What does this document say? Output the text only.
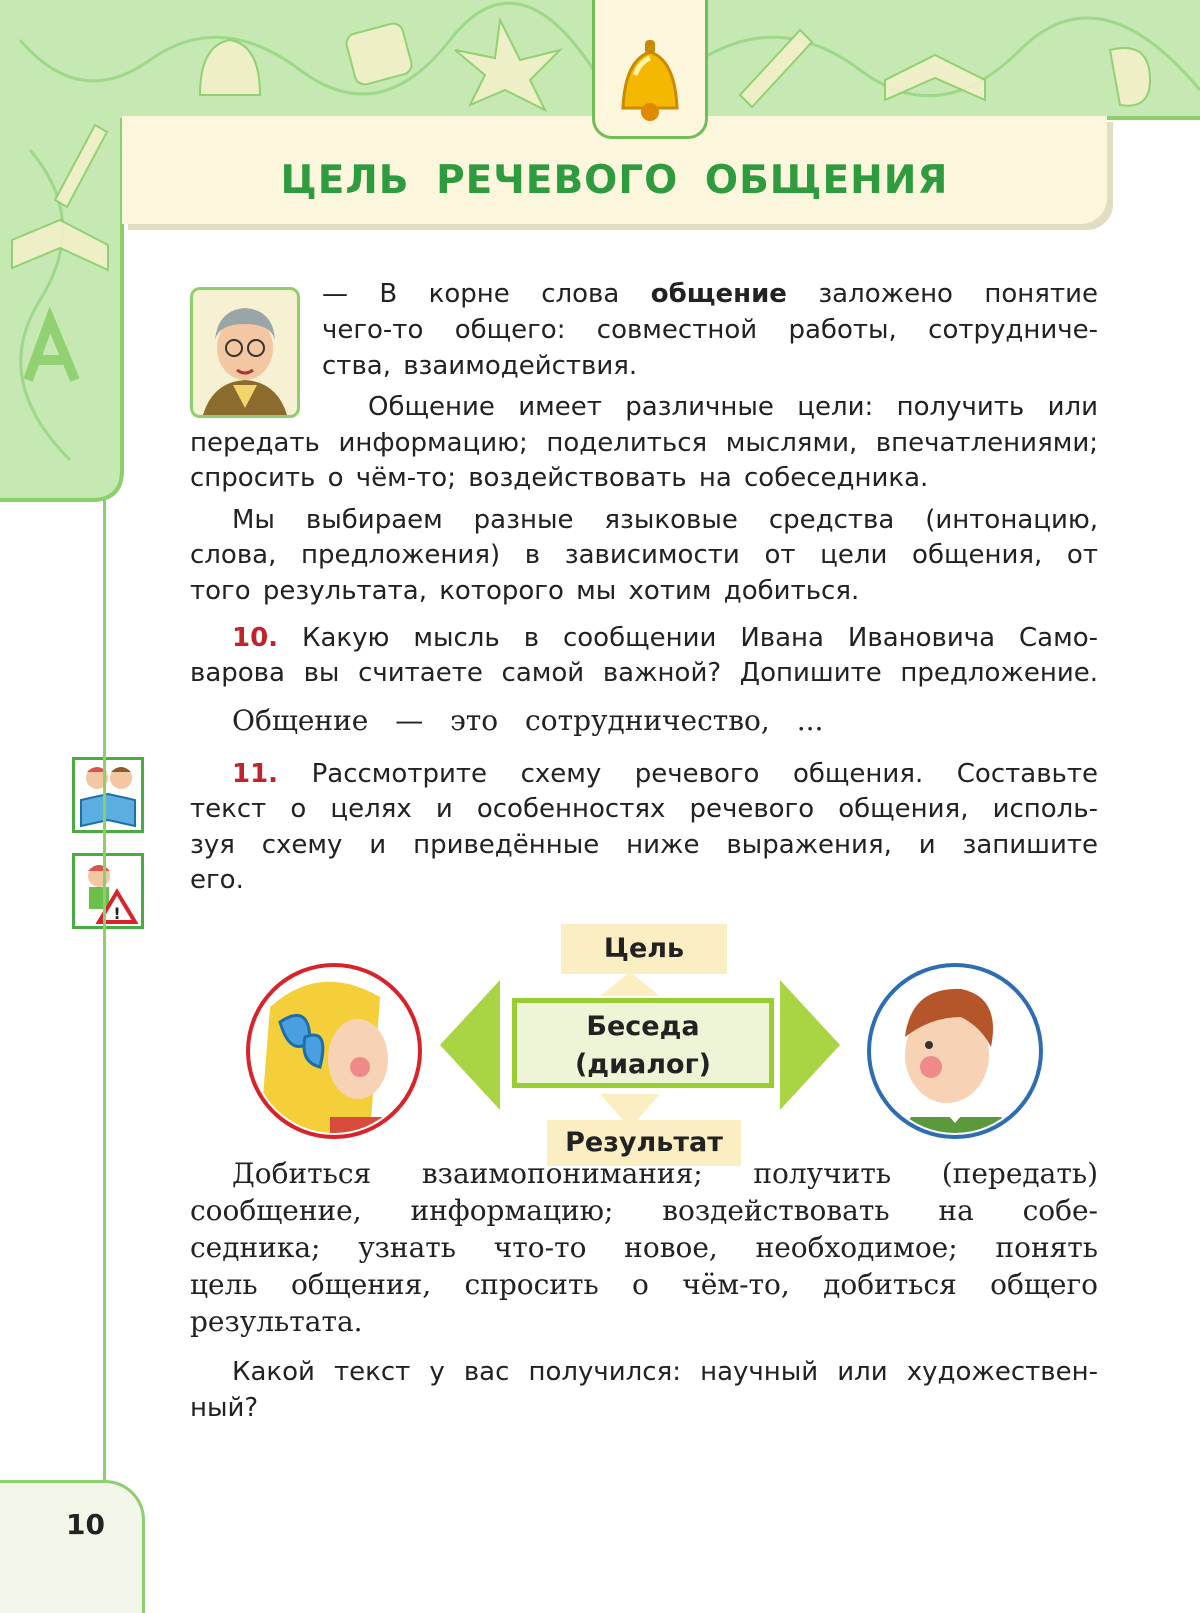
ЦЕЛЬ РЕЧЕВОГО ОБЩЕНИЯ
— В корне слова общение заложено понятие
чего-то общего: совместной работы, сотрудниче-
ства, взаимодействия.
Общение имеет различные цели: получить или
передать информацию; поделиться мыслями, впечатлениями;
спросить о чём-то; воздействовать на собеседника.
Мы выбираем разные языковые средства (интонацию,
слова, предложения) в зависимости от цели общения, от
того результата, которого мы хотим добиться.
10. Какую мысль в сообщении Ивана Ивановича Само-
варова вы считаете самой важной? Допишите предложение.
Общение — это сотрудничество, ...
!
11. Рассмотрите схему речевого общения. Составьте
текст о целях и особенностях речевого общения, исполь-
зуя схему и приведённые ниже выражения, и запишите
его.
Цель
Беседа
(диалог)
Результат
Добиться взаимопонимания; получить (передать)
сообщение, информацию; воздействовать на собе-
седника; узнать что-то новое, необходимое; понять
цель общения, спросить о чём-то, добиться общего
результата.
Какой текст у вас получился: научный или художествен-
ный?
10
